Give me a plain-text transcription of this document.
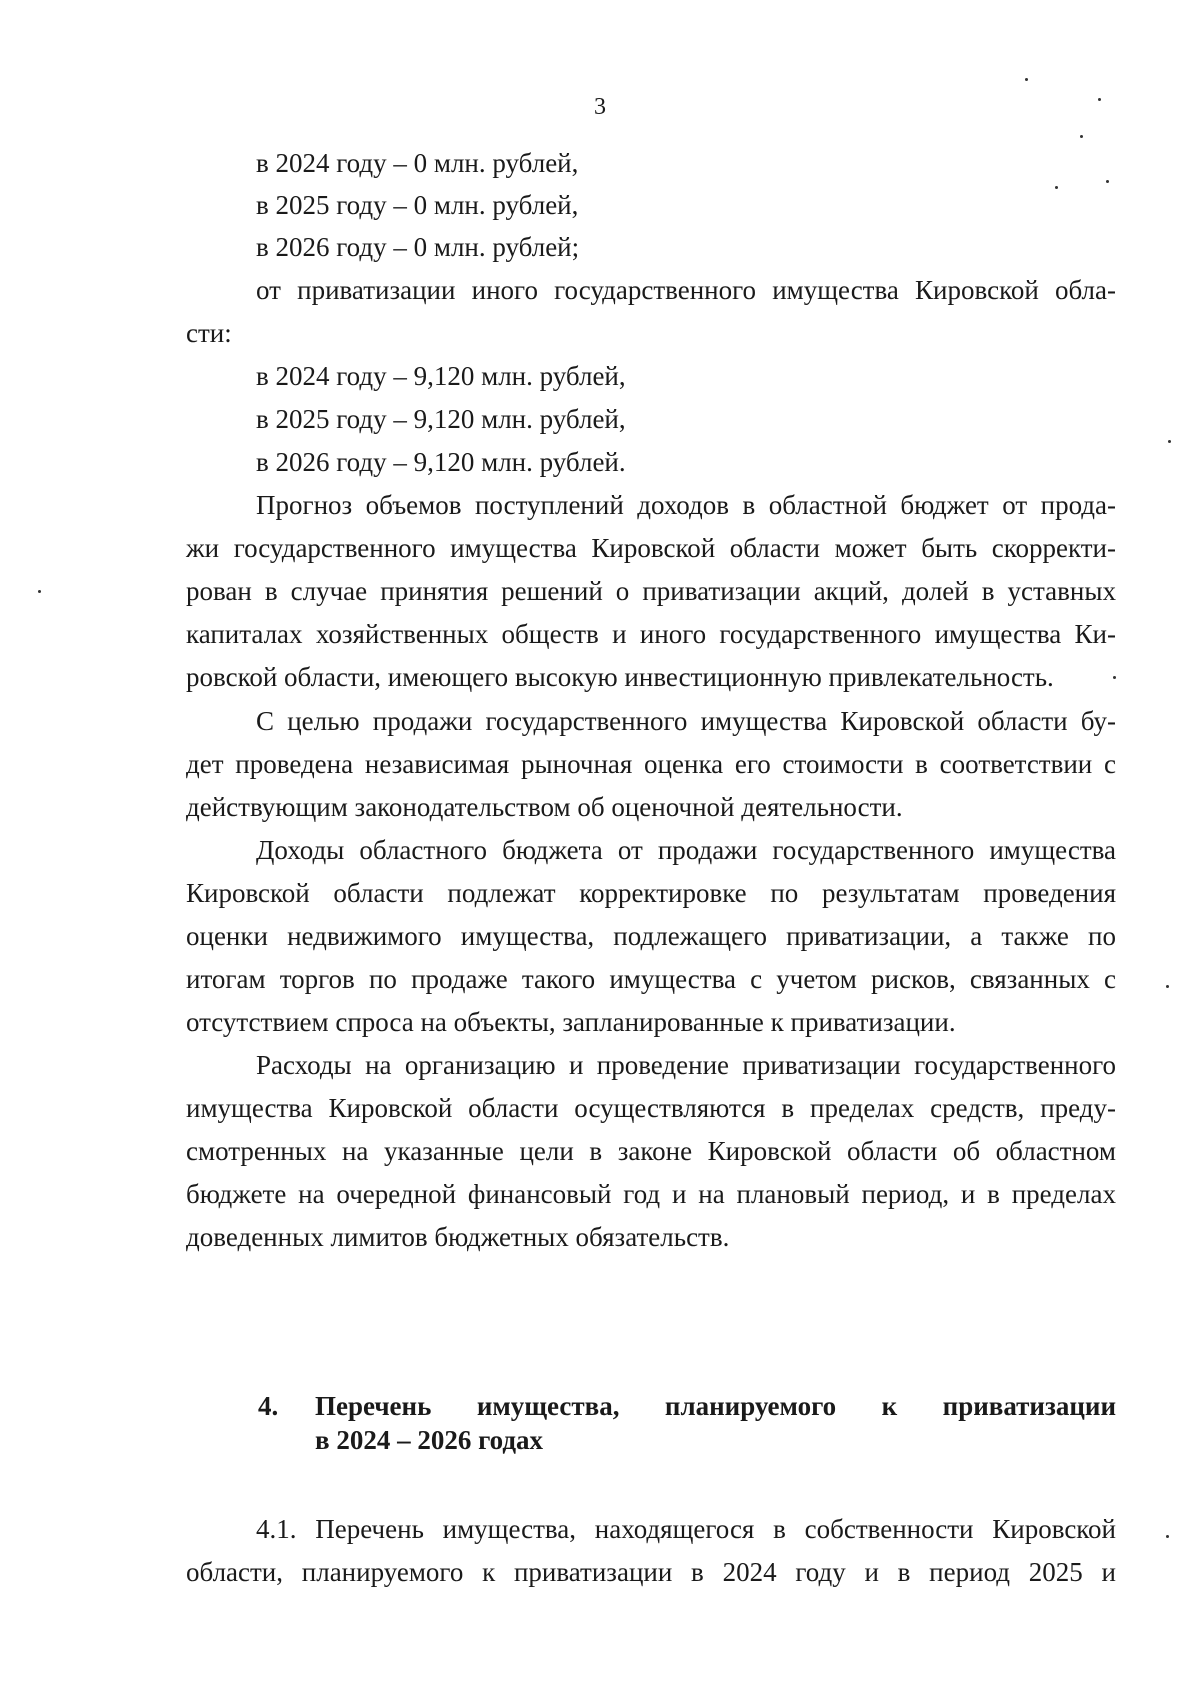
3
в 2024 году – 0 млн. рублей,
в 2025 году – 0 млн. рублей,
в 2026 году – 0 млн. рублей;
от приватизации иного государственного имущества Кировской обла-
сти:
в 2024 году – 9,120 млн. рублей,
в 2025 году – 9,120 млн. рублей,
в 2026 году – 9,120 млн. рублей.
Прогноз объемов поступлений доходов в областной бюджет от прода-
жи государственного имущества Кировской области может быть скорректи-
рован в случае принятия решений о приватизации акций, долей в уставных
капиталах хозяйственных обществ и иного государственного имущества Ки-
ровской области, имеющего высокую инвестиционную привлекательность.
С целью продажи государственного имущества Кировской области бу-
дет проведена независимая рыночная оценка его стоимости в соответствии с
действующим законодательством об оценочной деятельности.
Доходы областного бюджета от продажи государственного имущества
Кировской области подлежат корректировке по результатам проведения
оценки недвижимого имущества, подлежащего приватизации, а также по
итогам торгов по продаже такого имущества с учетом рисков, связанных с
отсутствием спроса на объекты, запланированные к приватизации.
Расходы на организацию и проведение приватизации государственного
имущества Кировской области осуществляются в пределах средств, преду-
смотренных на указанные цели в законе Кировской области об областном
бюджете на очередной финансовый год и на плановый период, и в пределах
доведенных лимитов бюджетных обязательств.
4. Перечень имущества, планируемого к приватизации
в 2024 – 2026 годах
4.1. Перечень имущества, находящегося в собственности Кировской
области, планируемого к приватизации в 2024 году и в период 2025 и
